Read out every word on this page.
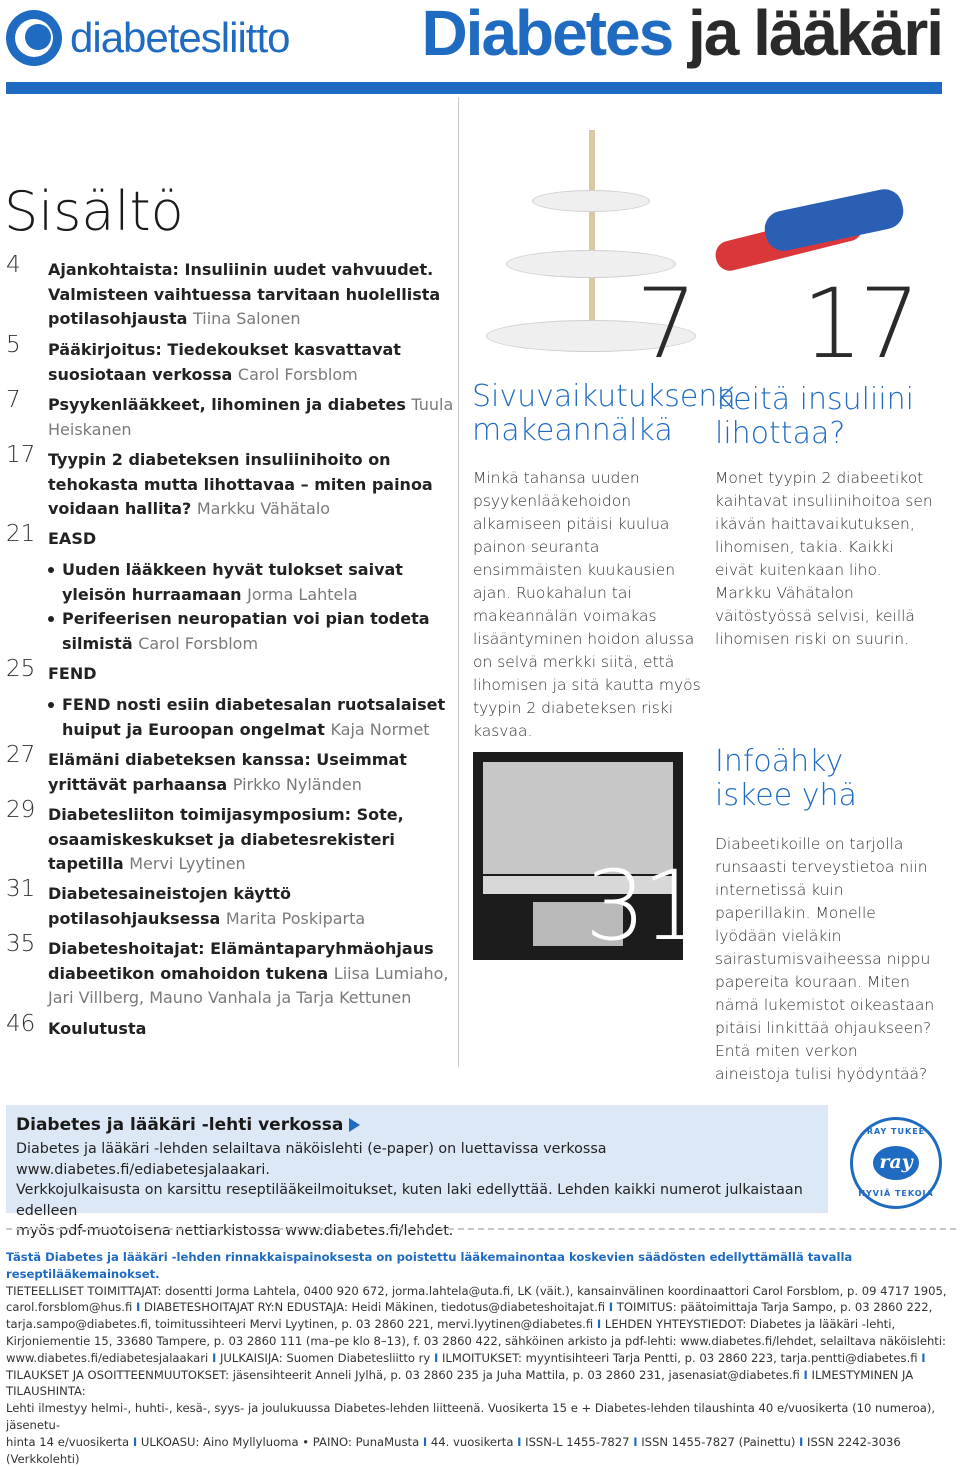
diabetesliitto Diabetes ja lääkäri
Sisältö
4	Ajankohtaista: Insuliinin uudet vahvuudet. Valmisteen vaihtuessa tarvitaan huolellista potilasohjausta Tiina Salonen
5	Pääkirjoitus: Tiedekoukset kasvattavat suosiotaan verkossa Carol Forsblom
7	Psyykenlääkkeet, lihominen ja diabetes Tuula Heiskanen
17 Tyypin 2 diabeteksen insuliinihoito on tehokasta mutta lihottavaa – miten painoa voidaan hallita? Markku Vähätalo
21 EASD
Uuden lääkkeen hyvät tulokset saivat yleisön hurraamaan Jorma Lahtela
Perifeerisen neuropatian voi pian todeta silmistä Carol Forsblom
25 FEND
FEND nosti esiin diabetesalan ruotsalaiset huiput ja Euroopan ongelmat Kaja Normet
27 Elämäni diabeteksen kanssa: Useimmat yrittävät parhaansa Pirkko Nyländen
29 Diabetesliiton toimijasymposium: Sote, osaamiskeskukset ja diabetesrekisteri tapetilla Mervi Lyytinen
31 Diabetesaineistojen käyttö potilasohjauksessa Marita Poskiparta
35 Diabeteshoitajat: Elämäntaparyhmäohjaus diabeetikon omahoidon tukena Liisa Lumiaho, Jari Villberg, Mauno Vanhala ja Tarja Kettunen
46 Koulutusta
7
Sivuvaikutuksena
makeannälkä
Minkä tahansa uuden psyykenlääkehoidon alkamiseen pitäisi kuulua painon seuranta ensimmäisten kuukausien ajan. Ruokahalun tai makeannälän voimakas lisääntyminen hoidon alussa on selvä merkki siitä, että lihomisen ja sitä kautta myös tyypin 2 diabeteksen riski kasvaa.
17
Keitä insuliini
lihottaa?
Monet tyypin 2 diabeetikot kaihtavat insuliinihoitoa sen ikävän haittavaikutuksen, lihomisen, takia. Kaikki eivät kuitenkaan liho. Markku Vähätalon väitöstyössä selvisi, keillä lihomisen riski on suurin.
31
Infoähky
iskee yhä
Diabeetikoille on tarjolla runsaasti terveystietoa niin internetissä kuin paperillakin. Monelle lyödään vieläkin sairastumisvaiheessa nippu papereita kouraan. Miten nämä lukemistot oikeastaan pitäisi linkittää ohjaukseen? Entä miten verkon aineistoja tulisi hyödyntää?
Diabetes ja lääkäri -lehti verkossa
Diabetes ja lääkäri -lehden selailtava näköislehti (e-paper) on luettavissa verkossa www.diabetes.fi/ediabetesjalaakari.
Verkkojulkaisusta on karsittu reseptilääkeilmoitukset, kuten laki edellyttää. Lehden kaikki numerot julkaistaan edelleen
myös pdf-muotoisena nettiarkistossa www.diabetes.fi/lehdet.
RAY TUKEE
ray
HYVIÄ TEKOJA
Tästä Diabetes ja lääkäri -lehden rinnakkaispainoksesta on poistettu lääkemainontaa koskevien säädösten edellyttämällä tavalla reseptilääkemainokset.
TIETEELLISET TOIMITTAJAT: dosentti Jorma Lahtela, 0400 920 672, jorma.lahtela@uta.fi, LK (väit.), kansainvälinen koordinaattori Carol Forsblom, p. 09 4717 1905,
carol.forsblom@hus.fi I DIABETESHOITAJAT RY:N EDUSTAJA: Heidi Mäkinen, tiedotus@diabeteshoitajat.fi I TOIMITUS: päätoimittaja Tarja Sampo, p. 03 2860 222,
tarja.sampo@diabetes.fi, toimitussihteeri Mervi Lyytinen, p. 03 2860 221, mervi.lyytinen@diabetes.fi I LEHDEN YHTEYSTIEDOT: Diabetes ja lääkäri -lehti,
Kirjoniementie 15, 33680 Tampere, p. 03 2860 111 (ma–pe klo 8–13), f. 03 2860 422, sähköinen arkisto ja pdf-lehti: www.diabetes.fi/lehdet, selailtava näköislehti:
www.diabetes.fi/ediabetesjalaakari I JULKAISIJA: Suomen Diabetesliitto ry I ILMOITUKSET: myyntisihteeri Tarja Pentti, p. 03 2860 223, tarja.pentti@diabetes.fi I
TILAUKSET JA OSOITTEENMUUTOKSET: jäsensihteerit Anneli Jylhä, p. 03 2860 235 ja Juha Mattila, p. 03 2860 231, jasenasiat@diabetes.fi I ILMESTYMINEN JA TILAUSHINTA:
Lehti ilmestyy helmi-, huhti-, kesä-, syys- ja joulukuussa Diabetes-lehden liitteenä. Vuosikerta 15 e + Diabetes-lehden tilaushinta 40 e/vuosikerta (10 numeroa), jäsenetu-
hinta 14 e/vuosikerta I ULKOASU: Aino Myllyluoma • PAINO: PunaMusta I 44. vuosikerta I ISSN-L 1455-7827 I ISSN 1455-7827 (Painettu) I ISSN 2242-3036 (Verkkolehti)
